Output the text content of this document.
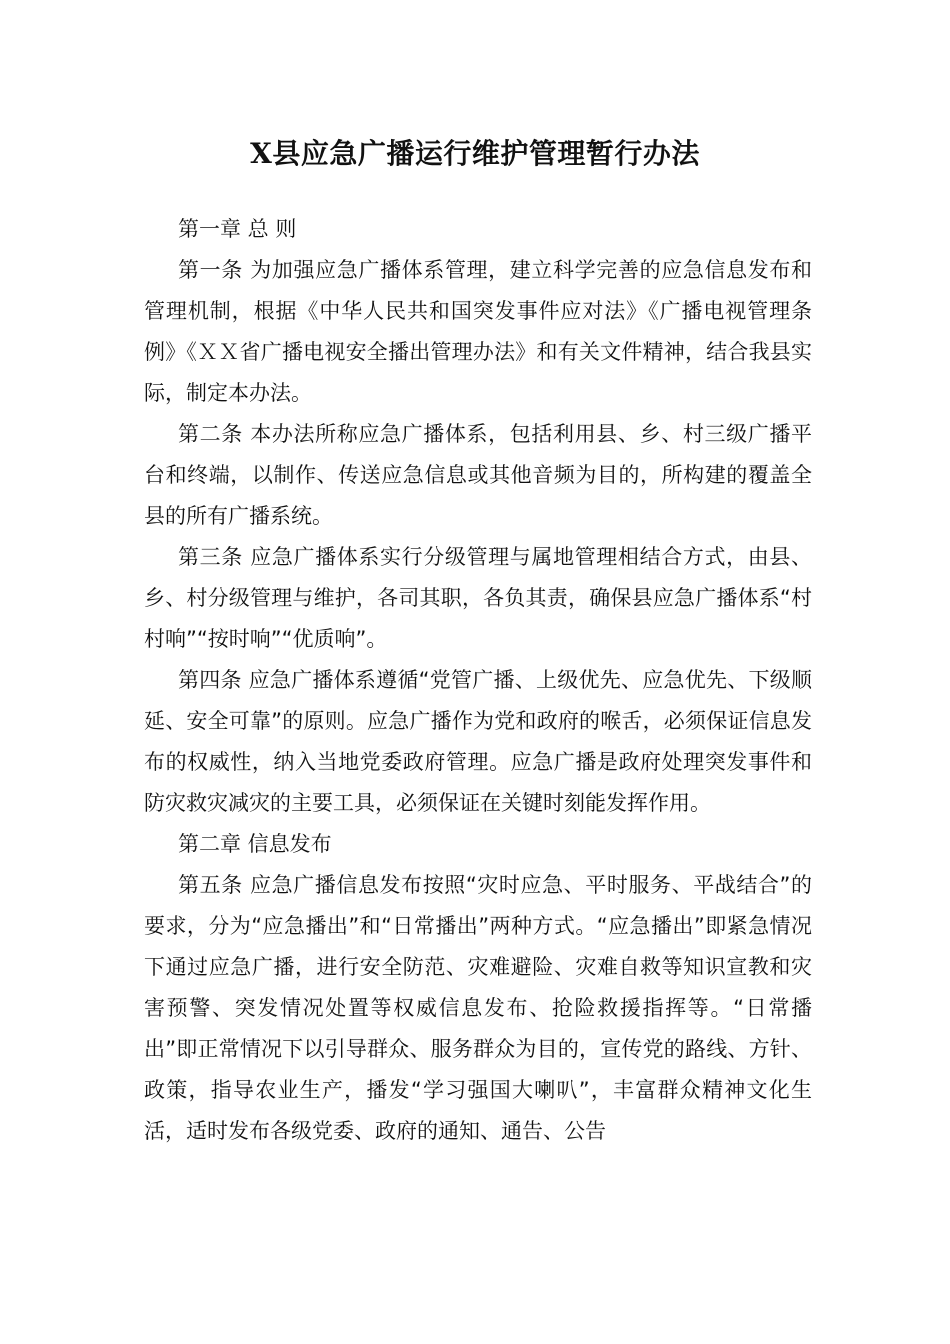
X县应急广播运行维护管理暂行办法

第一章 总 则

第一条 为加强应急广播体系管理，建立科学完善的应急信息发布和管理机制，根据《中华人民共和国突发事件应对法》《广播电视管理条例》《ＸＸ省广播电视安全播出管理办法》和有关文件精神，结合我县实际，制定本办法。

第二条 本办法所称应急广播体系，包括利用县、乡、村三级广播平台和终端，以制作、传送应急信息或其他音频为目的，所构建的覆盖全县的所有广播系统。

第三条 应急广播体系实行分级管理与属地管理相结合方式，由县、乡、村分级管理与维护，各司其职，各负其责，确保县应急广播体系“村村响”“按时响”“优质响”。

第四条 应急广播体系遵循“党管广播、上级优先、应急优先、下级顺延、安全可靠”的原则。应急广播作为党和政府的喉舌，必须保证信息发布的权威性，纳入当地党委政府管理。应急广播是政府处理突发事件和防灾救灾减灾的主要工具，必须保证在关键时刻能发挥作用。

第二章 信息发布

第五条 应急广播信息发布按照“灾时应急、平时服务、平战结合”的要求，分为“应急播出”和“日常播出”两种方式。“应急播出”即紧急情况下通过应急广播，进行安全防范、灾难避险、灾难自救等知识宣教和灾害预警、突发情况处置等权威信息发布、抢险救援指挥等。“日常播出”即正常情况下以引导群众、服务群众为目的，宣传党的路线、方针、政策，指导农业生产，播发“学习强国大喇叭”，丰富群众精神文化生活，适时发布各级党委、政府的通知、通告、公告
